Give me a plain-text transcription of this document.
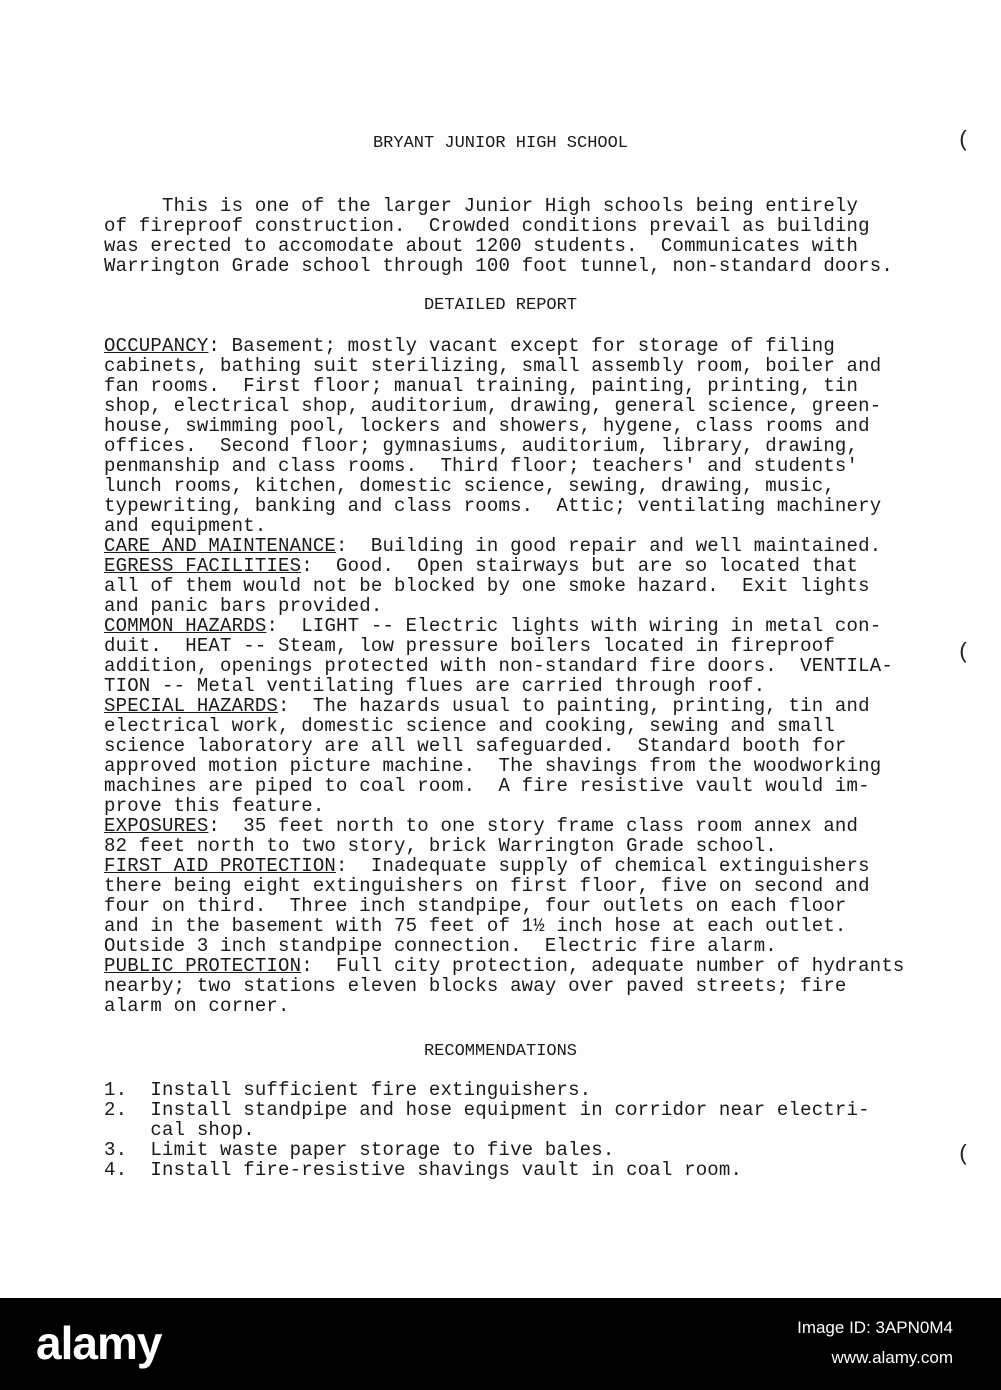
BRYANT JUNIOR HIGH SCHOOL	(
(
(
This is one of the larger Junior High schools being entirely
of fireproof construction.  Crowded conditions prevail as building
was erected to accomodate about 1200 students.  Communicates with
Warrington Grade school through 100 foot tunnel, non-standard doors.
DETAILED REPORT
OCCUPANCY: Basement; mostly vacant except for storage of filing
cabinets, bathing suit sterilizing, small assembly room, boiler and
fan rooms.  First floor; manual training, painting, printing, tin
shop, electrical shop, auditorium, drawing, general science, green-
house, swimming pool, lockers and showers, hygene, class rooms and
offices.  Second floor; gymnasiums, auditorium, library, drawing,
penmanship and class rooms.  Third floor; teachers' and students'
lunch rooms, kitchen, domestic science, sewing, drawing, music,
typewriting, banking and class rooms.  Attic; ventilating machinery
and equipment.
CARE AND MAINTENANCE:  Building in good repair and well maintained.
EGRESS FACILITIES:  Good.  Open stairways but are so located that
all of them would not be blocked by one smoke hazard.  Exit lights
and panic bars provided.
COMMON HAZARDS:  LIGHT -- Electric lights with wiring in metal con-
duit.  HEAT -- Steam, low pressure boilers located in fireproof
addition, openings protected with non-standard fire doors.  VENTILA-
TION -- Metal ventilating flues are carried through roof.
SPECIAL HAZARDS:  The hazards usual to painting, printing, tin and
electrical work, domestic science and cooking, sewing and small
science laboratory are all well safeguarded.  Standard booth for
approved motion picture machine.  The shavings from the woodworking
machines are piped to coal room.  A fire resistive vault would im-
prove this feature.
EXPOSURES:  35 feet north to one story frame class room annex and
82 feet north to two story, brick Warrington Grade school.
FIRST AID PROTECTION:  Inadequate supply of chemical extinguishers
there being eight extinguishers on first floor, five on second and
four on third.  Three inch standpipe, four outlets on each floor
and in the basement with 75 feet of 1½ inch hose at each outlet.
Outside 3 inch standpipe connection.  Electric fire alarm.
PUBLIC PROTECTION:  Full city protection, adequate number of hydrants
nearby; two stations eleven blocks away over paved streets; fire
alarm on corner.
RECOMMENDATIONS
1.  Install sufficient fire extinguishers.
2.  Install standpipe and hose equipment in corridor near electri-
cal shop.
3.  Limit waste paper storage to five bales.
4.  Install fire-resistive shavings vault in coal room.
alamy	Image ID: 3APN0M4
www.alamy.com
